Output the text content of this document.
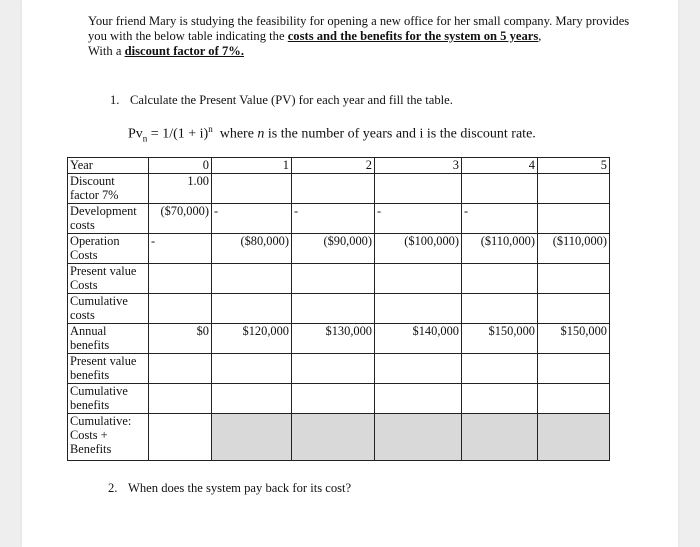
Your friend Mary is studying the feasibility for opening a new office for her small company. Mary provides you with the below table indicating the costs and the benefits for the system on 5 years,
With a discount factor of 7%.
1. Calculate the Present Value (PV) for each year and fill the table.
$Pv_n = 1/(1 + i)^n$  where n is the number of years and i is the discount rate.
Year	0	1	2	3	4	5
Discount factor 7%	1.00					
Development costs	($70,000)	-	-	-	-	
Operation Costs	-	($80,000)	($90,000)	($100,000)	($110,000)	($110,000)
Present value Costs						
Cumulative costs						
Annual benefits	$0	$120,000	$130,000	$140,000	$150,000	$150,000
Present value benefits						
Cumulative benefits						
Cumulative: Costs + Benefits						
2. When does the system pay back for its cost?
